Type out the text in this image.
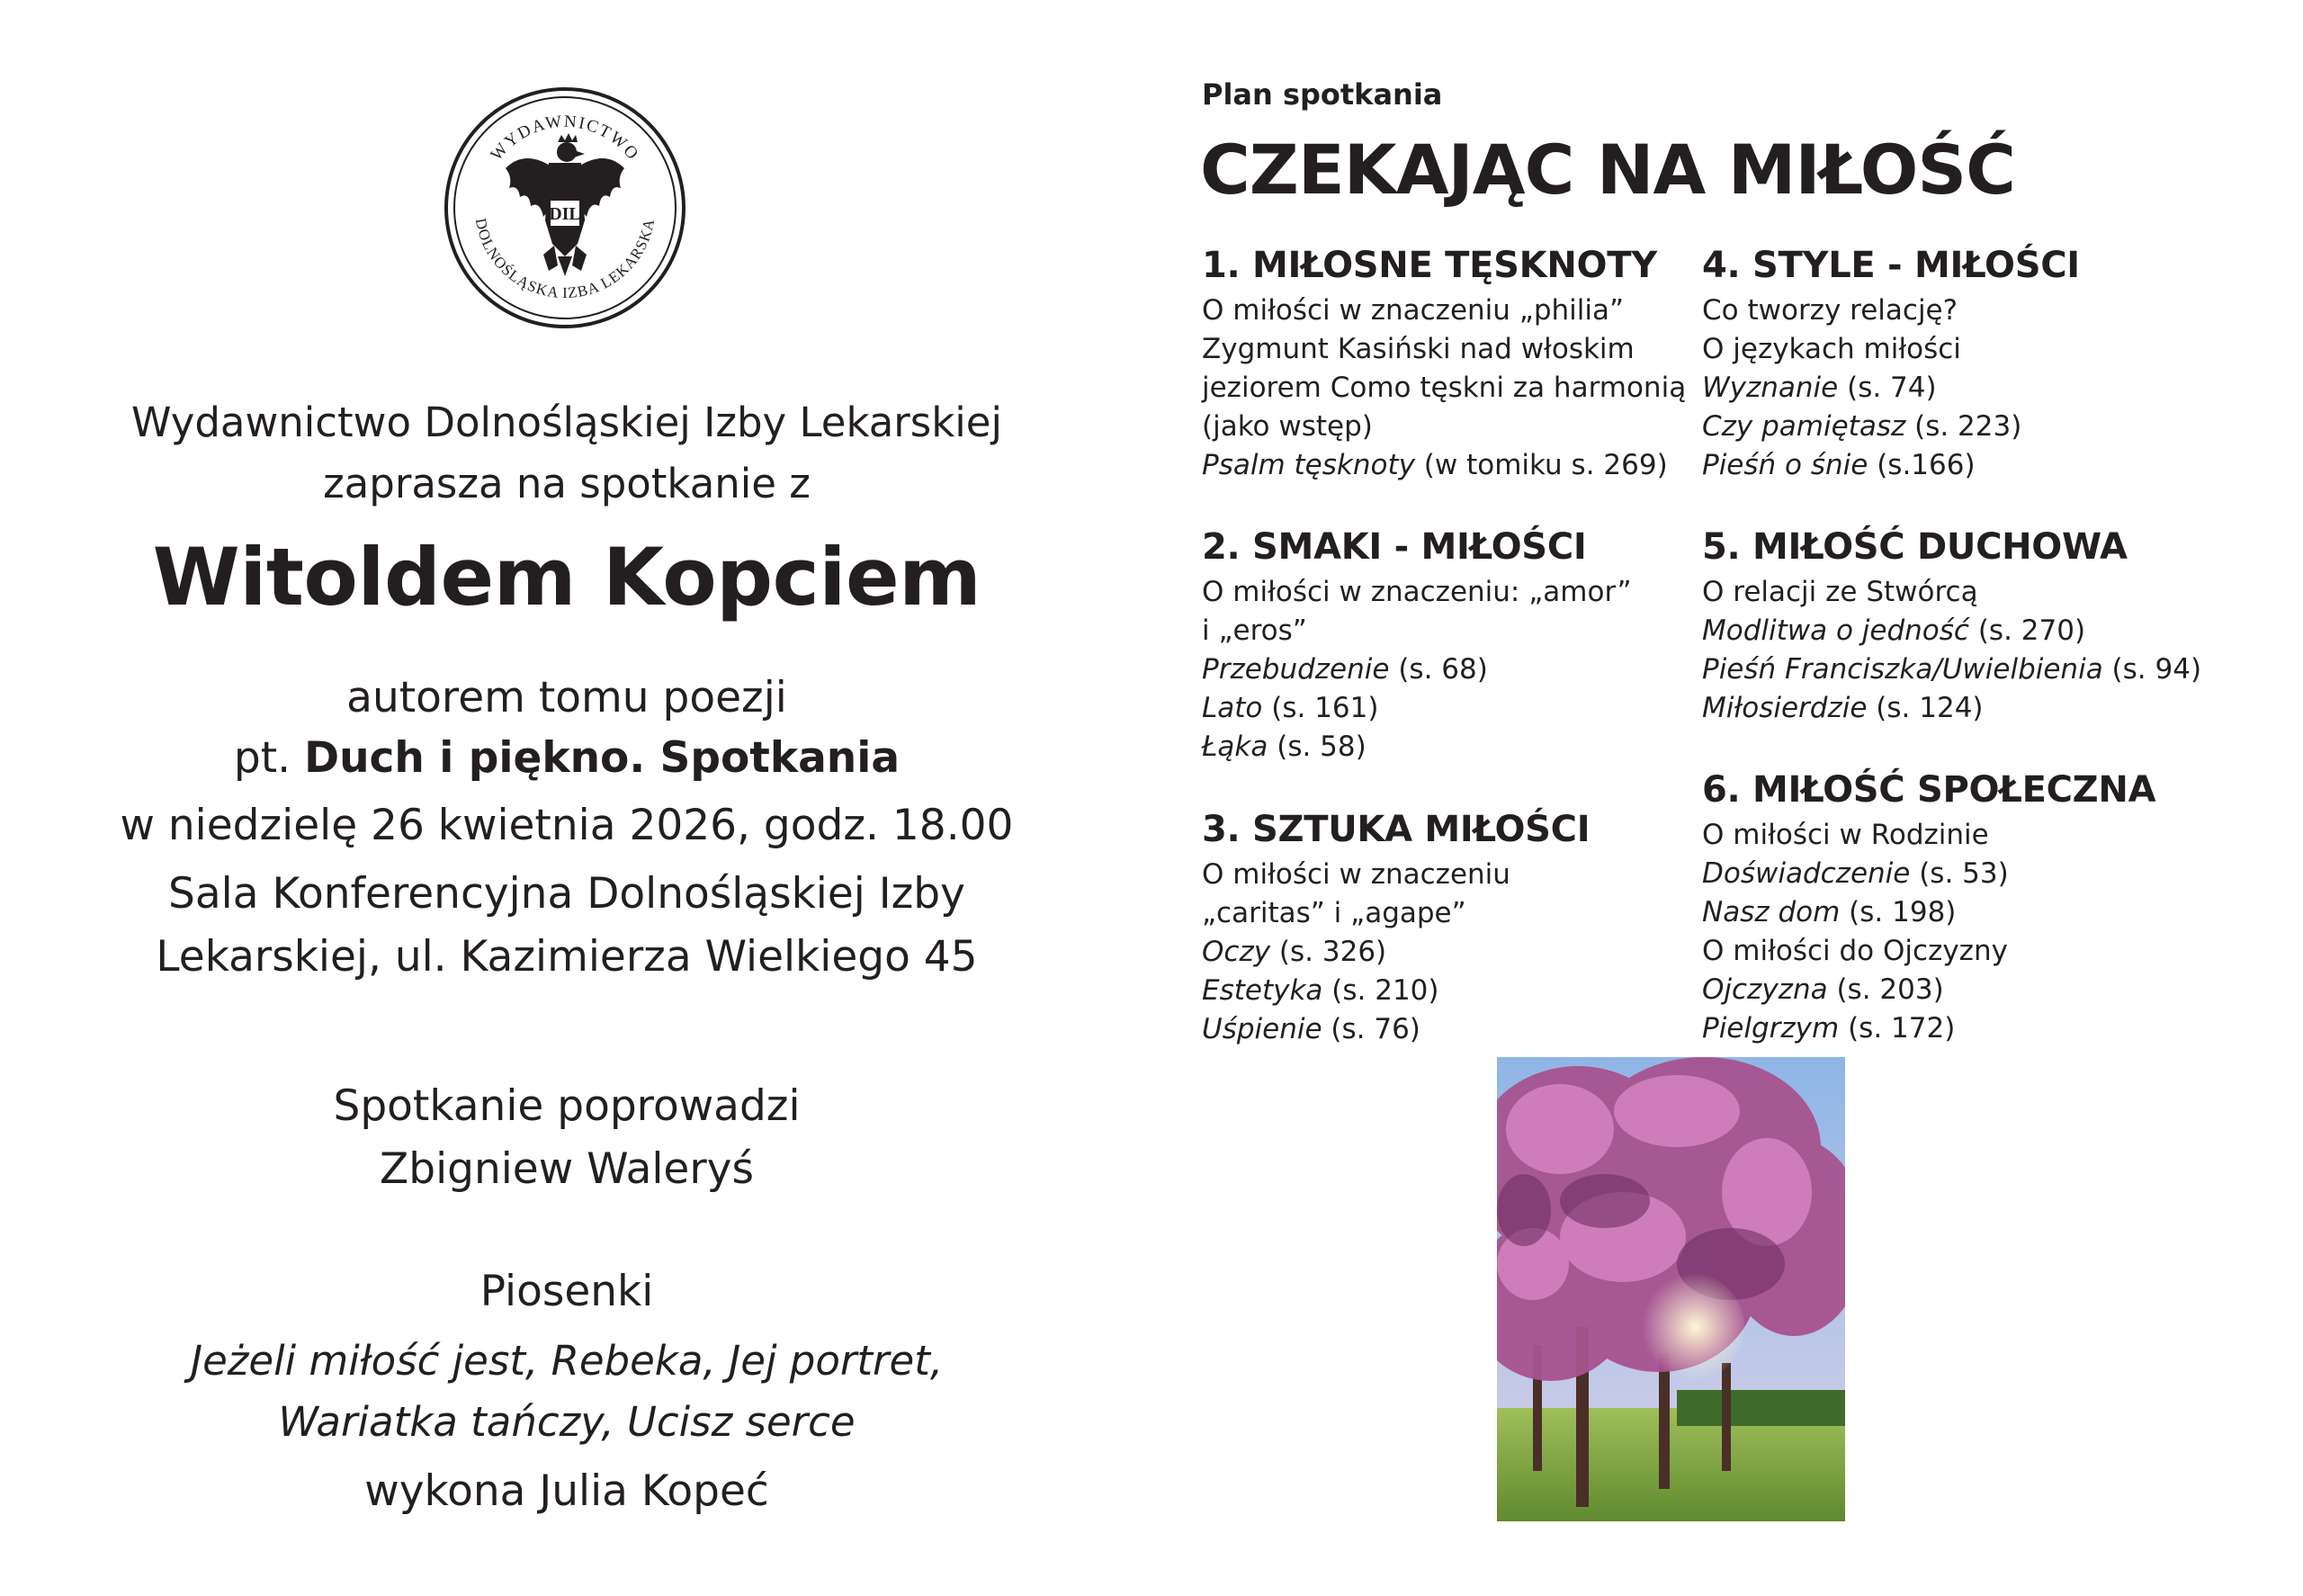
WYDAWNICTWO
DOLNOŚLĄSKA IZBA LEKARSKA
DIL
Wydawnictwo Dolnośląskiej Izby Lekarskiej
zaprasza na spotkanie z
Witoldem Kopciem
autorem tomu poezji
pt. Duch i piękno. Spotkania
w niedzielę 26 kwietnia 2026, godz. 18.00
Sala Konferencyjna Dolnośląskiej Izby
Lekarskiej, ul. Kazimierza Wielkiego 45
Spotkanie poprowadzi
Zbigniew Waleryś
Piosenki
Jeżeli miłość jest, Rebeka, Jej portret,
Wariatka tańczy, Ucisz serce
wykona Julia Kopeć
Plan spotkania
CZEKAJĄC NA MIŁOŚĆ
1. MIŁOSNE TĘSKNOTY
O miłości w znaczeniu „philia”
Zygmunt Kasiński nad włoskim
jeziorem Como tęskni za harmonią
(jako wstęp)
Psalm tęsknoty (w tomiku s. 269)
2. SMAKI - MIŁOŚCI
O miłości w znaczeniu: „amor”
i „eros”
Przebudzenie (s. 68)
Lato (s. 161)
Łąka (s. 58)
3. SZTUKA MIŁOŚCI
O miłości w znaczeniu
„caritas” i „agape”
Oczy (s. 326)
Estetyka (s. 210)
Uśpienie (s. 76)
4. STYLE - MIŁOŚCI
Co tworzy relację?
O językach miłości
Wyznanie (s. 74)
Czy pamiętasz (s. 223)
Pieśń o śnie (s.166)
5. MIŁOŚĆ DUCHOWA
O relacji ze Stwórcą
Modlitwa o jedność (s. 270)
Pieśń Franciszka/Uwielbienia (s. 94)
Miłosierdzie (s. 124)
6. MIŁOŚĆ SPOŁECZNA
O miłości w Rodzinie
Doświadczenie (s. 53)
Nasz dom (s. 198)
O miłości do Ojczyzny
Ojczyzna (s. 203)
Pielgrzym (s. 172)
